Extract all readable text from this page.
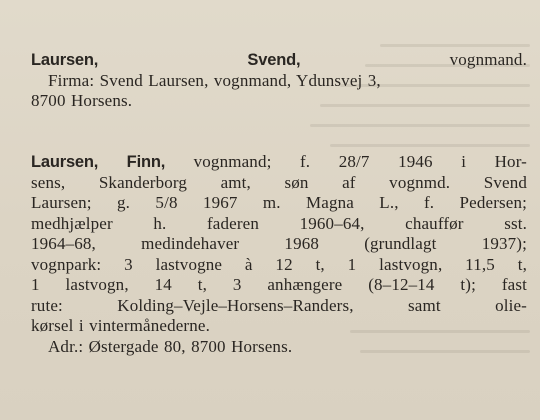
Laursen, Svend, vognmand.
Firma: Svend Laursen, vognmand, Ydunsvej 3,
8700 Horsens.
Laursen, Finn, vognmand; f. 28/7 1946 i Hor-
sens, Skanderborg amt, søn af vognmd. Svend
Laursen; g. 5/8 1967 m. Magna L., f. Pedersen;
medhjælper h. faderen 1960–64, chauffør sst.
1964–68, medindehaver 1968 (grundlagt 1937);
vognpark: 3 lastvogne à 12 t, 1 lastvogn, 11,5 t,
1 lastvogn, 14 t, 3 anhængere (8–12–14 t); fast
rute: Kolding–Vejle–Horsens–Randers, samt olie-
kørsel i vintermånederne.
Adr.: Østergade 80, 8700 Horsens.
